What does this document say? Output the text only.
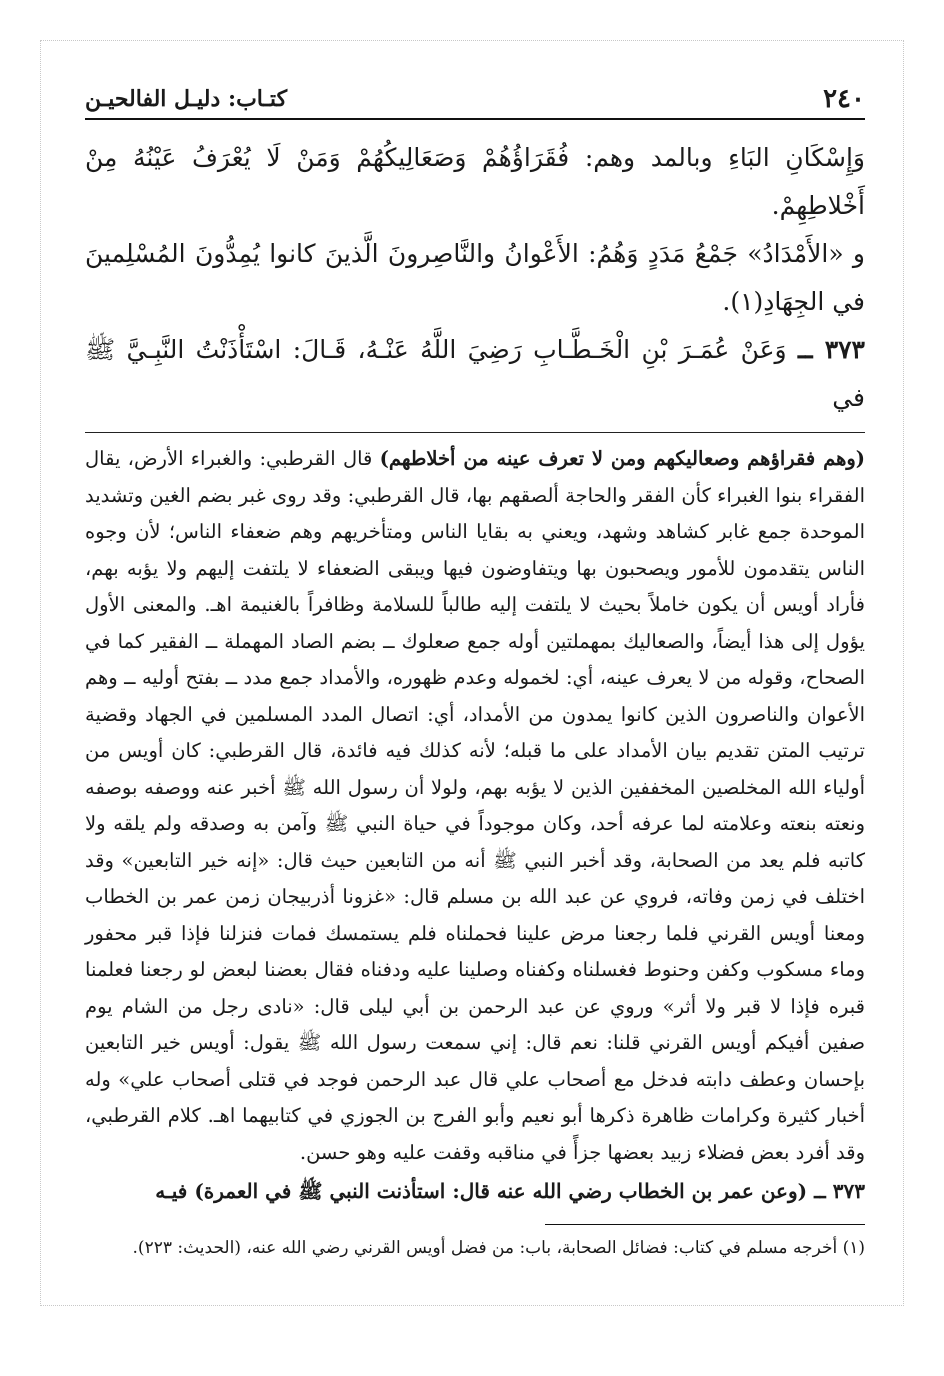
٢٤٠
كتـاب: دليـل الفالحيـن

وَإِسْكَانِ البَاءِ وبالمد وهم: فُقَرَاؤُهُمْ وَصَعَالِيكُهُمْ وَمَنْ لَا يُعْرَفُ عَيْنُهُ مِنْ أَخْلاطِهِمْ.

و «الأَمْدَادُ» جَمْعُ مَدَدٍ وَهُمُ: الأَعْوانُ والنَّاصِرونَ الَّذينَ كانوا يُمِدُّونَ المُسْلِمينَ في الجِهَادِ(١).

٣٧٣ ــ وَعَنْ عُمَـرَ بْنِ الْخَـطَّـابِ رَضِيَ اللَّهُ عَنْـهُ، قَـالَ: اسْتَأْذَنْتُ النَّبِـيَّ ﷺ في

(وهم فقراؤهم وصعاليكهم ومن لا تعرف عينه من أخلاطهم) قال القرطبي: والغبراء الأرض، يقال الفقراء بنوا الغبراء كأن الفقر والحاجة ألصقهم بها، قال القرطبي: وقد روى غبر بضم الغين وتشديد الموحدة جمع غابر كشاهد وشهد، ويعني به بقايا الناس ومتأخريهم وهم ضعفاء الناس؛ لأن وجوه الناس يتقدمون للأمور ويصحبون بها ويتفاوضون فيها ويبقى الضعفاء لا يلتفت إليهم ولا يؤبه بهم، فأراد أويس أن يكون خاملاً بحيث لا يلتفت إليه طالباً للسلامة وظافراً بالغنيمة اهـ. والمعنى الأول يؤول إلى هذا أيضاً، والصعاليك بمهملتين أوله جمع صعلوك ــ بضم الصاد المهملة ــ الفقير كما في الصحاح، وقوله من لا يعرف عينه، أي: لخموله وعدم ظهوره، والأمداد جمع مدد ــ بفتح أوليه ــ وهم الأعوان والناصرون الذين كانوا يمدون من الأمداد، أي: اتصال المدد المسلمين في الجهاد وقضية ترتيب المتن تقديم بيان الأمداد على ما قبله؛ لأنه كذلك فيه فائدة، قال القرطبي: كان أويس من أولياء الله المخلصين المخففين الذين لا يؤبه بهم، ولولا أن رسول الله ﷺ أخبر عنه ووصفه بوصفه ونعته بنعته وعلامته لما عرفه أحد، وكان موجوداً في حياة النبي ﷺ وآمن به وصدقه ولم يلقه ولا كاتبه فلم يعد من الصحابة، وقد أخبر النبي ﷺ أنه من التابعين حيث قال: «إنه خير التابعين» وقد اختلف في زمن وفاته، فروي عن عبد الله بن مسلم قال: «غزونا أذربيجان زمن عمر بن الخطاب ومعنا أويس القرني فلما رجعنا مرض علينا فحملناه فلم يستمسك فمات فنزلنا فإذا قبر محفور وماء مسكوب وكفن وحنوط فغسلناه وكفناه وصلينا عليه ودفناه فقال بعضنا لبعض لو رجعنا فعلمنا قبره فإذا لا قبر ولا أثر» وروي عن عبد الرحمن بن أبي ليلى قال: «نادى رجل من الشام يوم صفين أفيكم أويس القرني قلنا: نعم قال: إني سمعت رسول الله ﷺ يقول: أويس خير التابعين بإحسان وعطف دابته فدخل مع أصحاب علي قال عبد الرحمن فوجد في قتلى أصحاب علي» وله أخبار كثيرة وكرامات ظاهرة ذكرها أبو نعيم وأبو الفرج بن الجوزي في كتابيهما اهـ. كلام القرطبي، وقد أفرد بعض فضلاء زبيد بعضها جزأً في مناقبه وقفت عليه وهو حسن.

٣٧٣ ــ (وعن عمر بن الخطاب رضي الله عنه قال: استأذنت النبي ﷺ في العمرة) فيـه

(١) أخرجه مسلم في كتاب: فضائل الصحابة، باب: من فضل أويس القرني رضي الله عنه، (الحديث: ٢٢٣).
